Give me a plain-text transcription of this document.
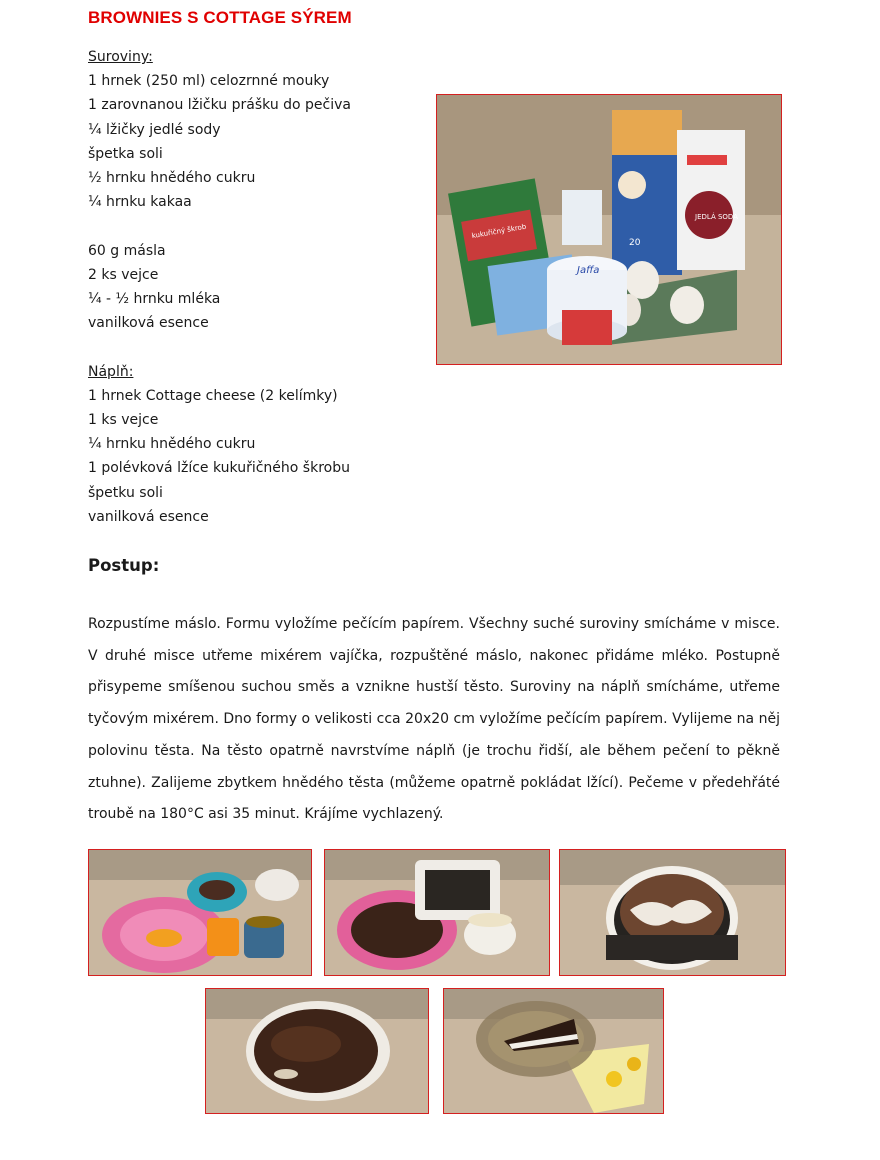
BROWNIES S COTTAGE SÝREM
Suroviny:
1 hrnek (250 ml) celozrnné mouky
1 zarovnanou lžičku prášku do pečiva
¼ lžičky jedlé sody
špetka soli
½ hrnku hnědého cukru
¼ hrnku kakaa

60 g másla
2 ks vejce
¼ - ½ hrnku mléka
vanilková esence

Náplň:
1 hrnek Cottage cheese (2 kelímky)
1 ks vejce
¼ hrnku hnědého cukru
1 polévková lžíce kukuřičného škrobu
špetku soli
vanilková esence
kukuřičný škrob
20
JEDLÁ SODA
Jaffa
Postup:
Rozpustíme máslo. Formu vyložíme pečícím papírem. Všechny suché suroviny smícháme v misce. V druhé misce utřeme mixérem vajíčka, rozpuštěné máslo, nakonec přidáme mléko. Postupně přisypeme smíšenou suchou směs a vznikne hustší těsto. Suroviny na náplň smícháme, utřeme tyčovým mixérem. Dno formy o velikosti cca 20x20 cm vyložíme pečícím papírem. Vylijeme na něj polovinu těsta. Na těsto opatrně navrstvíme náplň (je trochu řidší, ale během pečení to pěkně ztuhne). Zalijeme zbytkem hnědého těsta (můžeme opatrně pokládat lžící). Pečeme v předehřáté troubě na 180°C asi 35 minut. Krájíme vychlazený.
